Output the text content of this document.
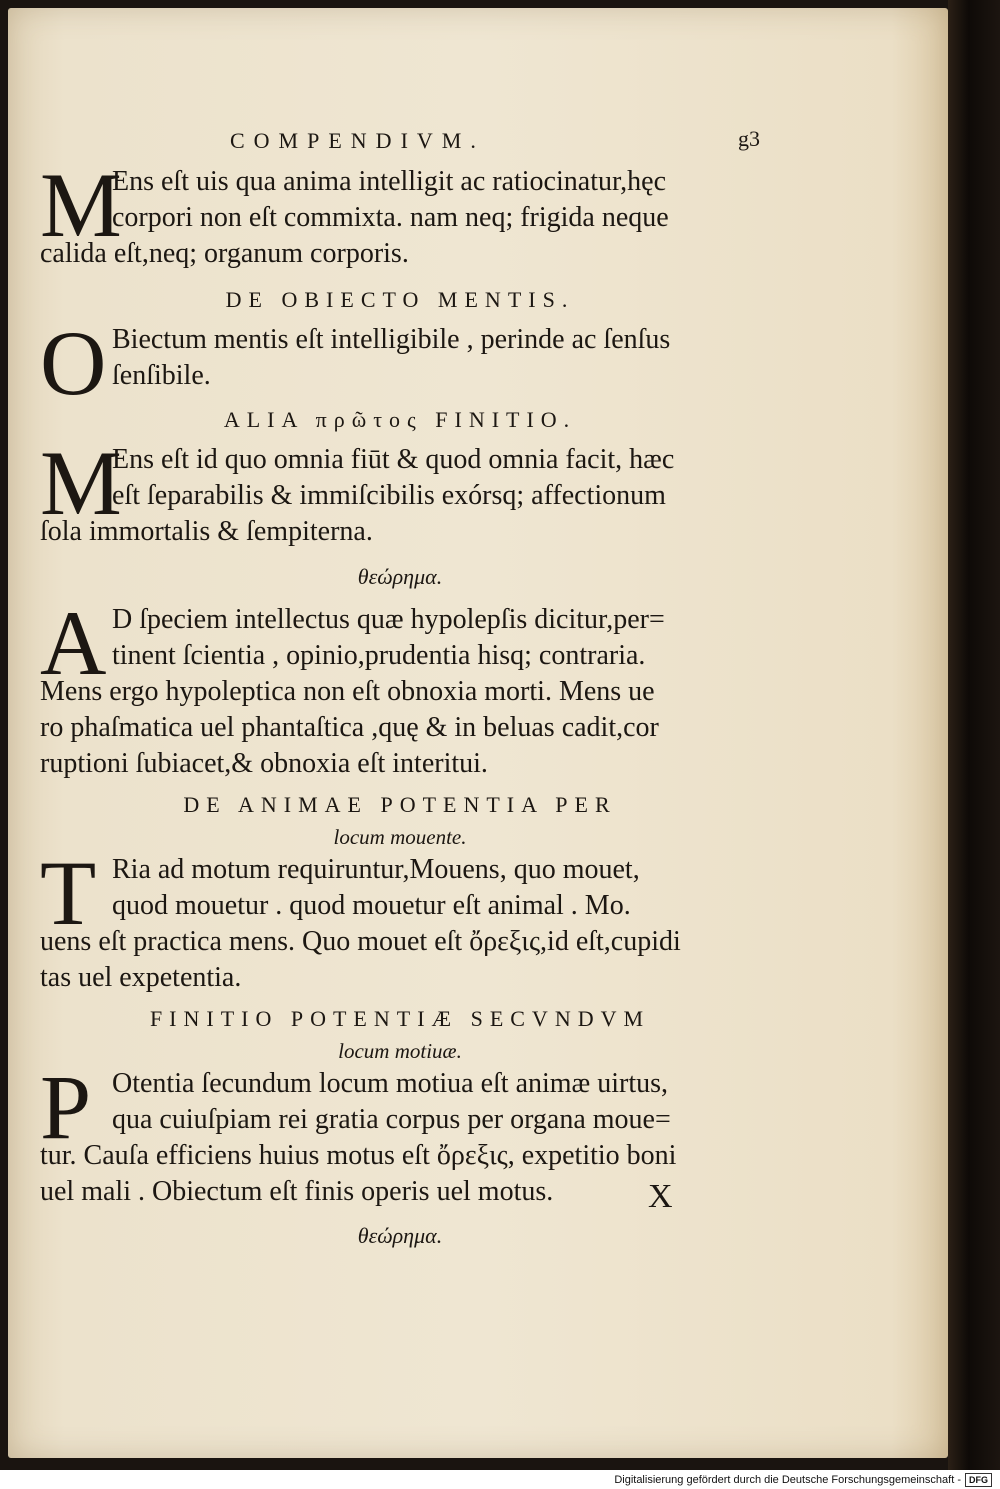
COMPENDIVM.	g3
M
Ens eſt uis qua anima intelligit ac ratiocinatur,hęc
corpori non eſt commixta. nam neq; frigida neque
calida eſt,neq; organum corporis.
DE OBIECTO MENTIS.
O Biectum mentis eſt intelligibile , perinde ac ſenſus
ſenſibile.
ALIA πρῶτος FINITIO.
M
Ens eſt id quo omnia fiūt & quod omnia facit, hæc
eſt ſeparabilis & immiſcibilis exórsq; affectionum
ſola immortalis & ſempiterna.
θεώρημα.
A D ſpeciem intellectus quæ hypolepſis dicitur,per=
tinent ſcientia , opinio,prudentia hisq; contraria.
Mens ergo hypoleptica non eſt obnoxia morti. Mens ue
ro phaſmatica uel phantaſtica ,quę & in beluas cadit,cor
ruptioni ſubiacet,& obnoxia eſt interitui.
DE ANIMAE POTENTIA PER
locum mouente.
T Ria ad motum requiruntur,Mouens, quo mouet,
quod mouetur . quod mouetur eſt animal . Mo.
uens eſt practica mens. Quo mouet eſt ὄρεξις,id eſt,cupidi
tas uel expetentia.
FINITIO POTENTIÆ SECVNDVM
locum motiuæ.
P Otentia ſecundum locum motiua eſt animæ uirtus,
qua cuiuſpiam rei gratia corpus per organa moue=
tur. Cauſa efficiens huius motus eſt ὄρεξις, expetitio boni
uel mali . Obiectum eſt finis operis uel motus.
θεώρημα.
X
Digitalisierung gefördert durch die Deutsche Forschungsgemeinschaft - DFG
